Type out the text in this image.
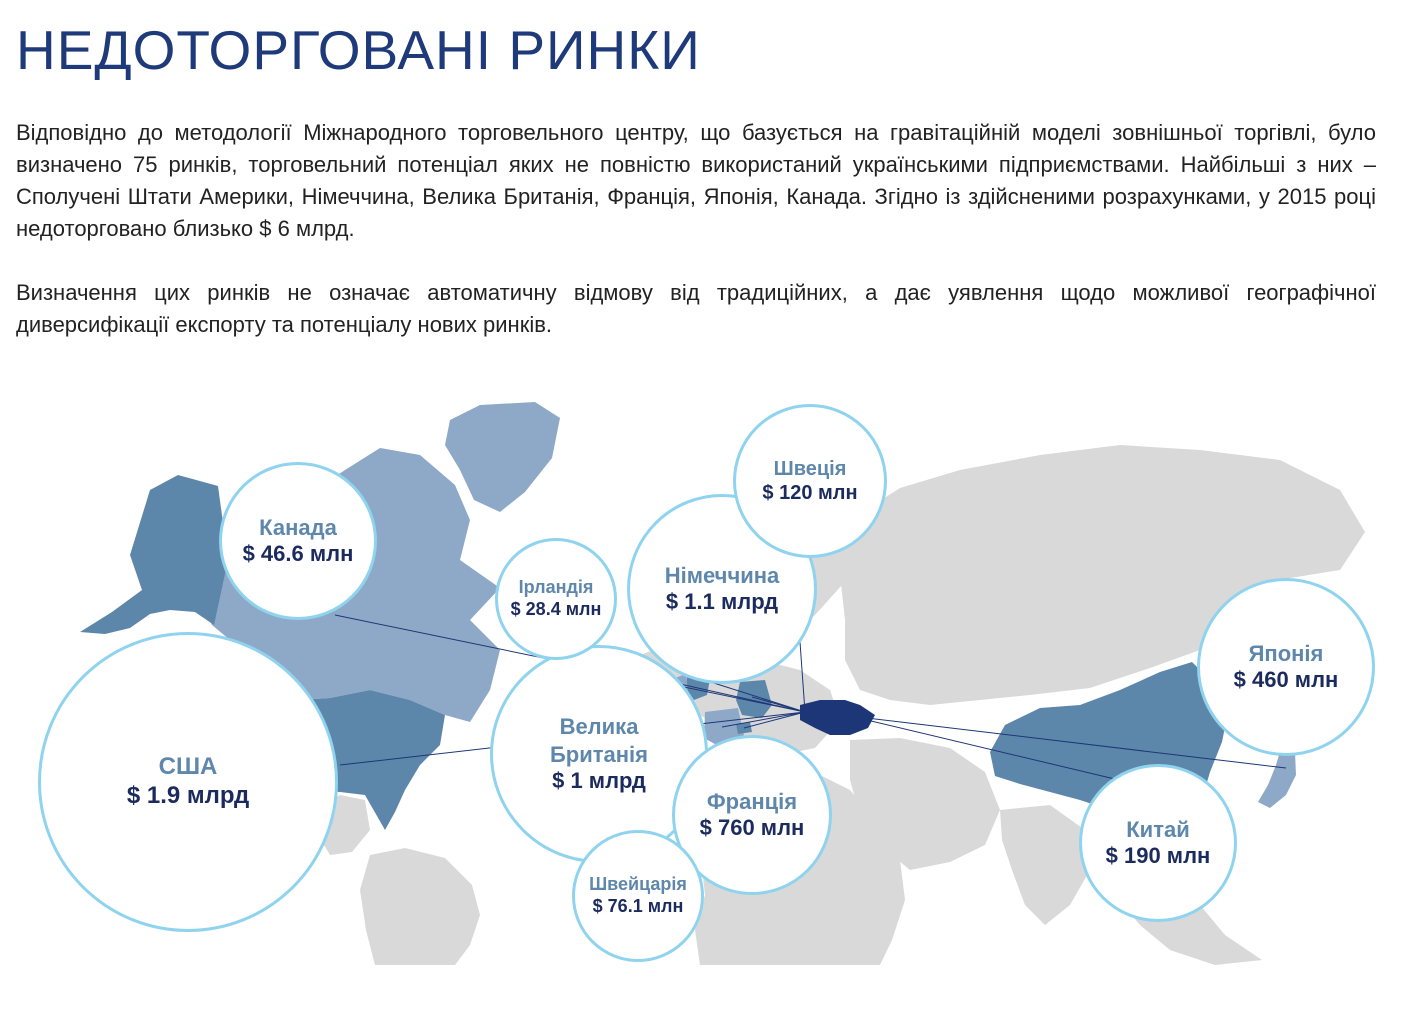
НЕДОТОРГОВАНІ РИНКИ

Відповідно до методології Міжнародного торговельного центру, що базується на гравітаційній моделі зовнішньої торгівлі, було визначено 75 ринків, торговельний потенціал яких не повністю використаний українськими підприємствами. Найбільші з них – Сполучені Штати Америки, Німеччина, Велика Британія, Франція, Японія, Канада. Згідно із здійсненими розрахунками, у 2015 році недоторговано близько $ 6 млрд.

Визначення цих ринків не означає автоматичну відмову від традиційних, а дає уявлення щодо можливої географічної диверсифікації експорту та потенціалу нових ринків.

США
$ 1.9 млрд
Канада
$ 46.6 млн
Велика Британія
$ 1 млрд
Ірландія
$ 28.4 млн
Німеччина
$ 1.1 млрд
Швеція
$ 120 млн
Франція
$ 760 млн
Швейцарія
$ 76.1 млн
Японія
$ 460 млн
Китай
$ 190 млн
